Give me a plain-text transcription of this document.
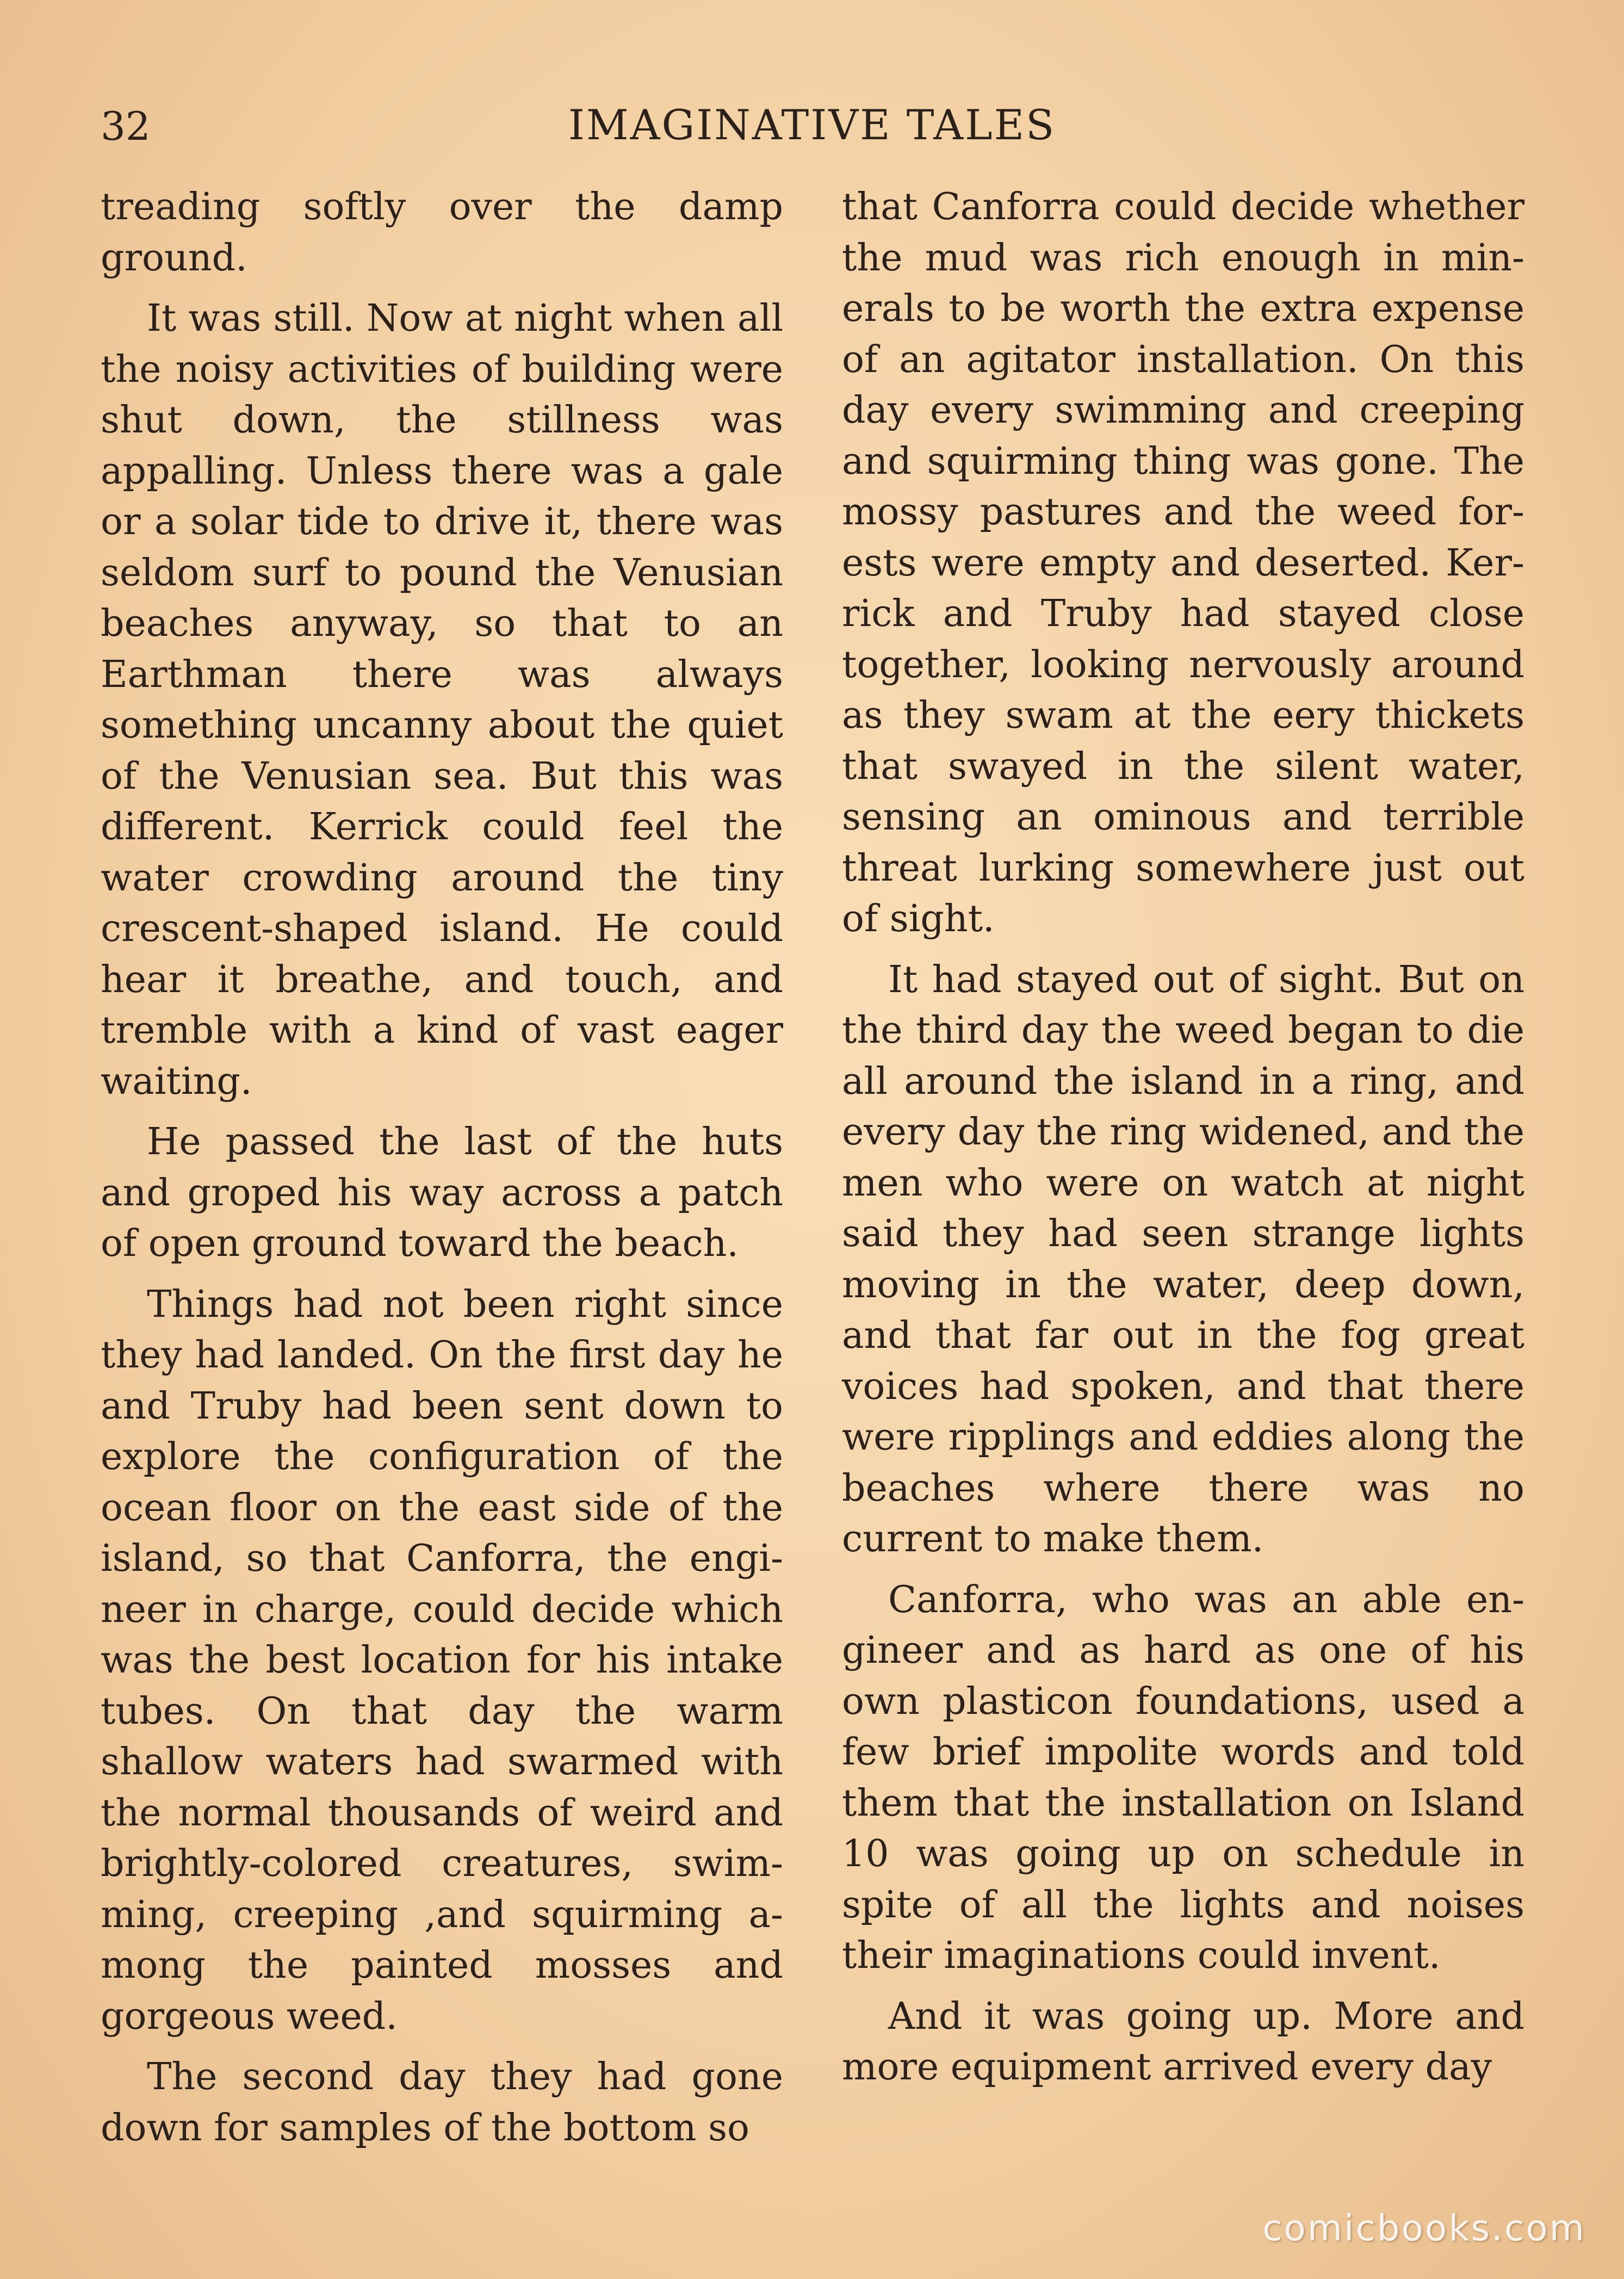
32	IMAGINATIVE TALES

treading softly over the damp ground.

It was still. Now at night when all the noisy activities of building were shut down, the stillness was appalling. Unless there was a gale or a solar tide to drive it, there was seldom surf to pound the Venusian beaches anyway, so that to an Earthman there was always something uncanny about the quiet of the Venusian sea. But this was different. Kerrick could feel the water crowding around the tiny crescent-shaped island. He could hear it breathe, and touch, and tremble with a kind of vast eager waiting.

He passed the last of the huts and groped his way across a patch of open ground toward the beach.

Things had not been right since they had landed. On the first day he and Truby had been sent down to explore the configuration of the ocean floor on the east side of the island, so that Canforra, the engineer in charge, could decide which was the best location for his intake tubes. On that day the warm shallow waters had swarmed with the normal thousands of weird and brightly-colored creatures, swimming, creeping ,and squirming among the painted mosses and gorgeous weed.

The second day they had gone down for samples of the bottom so

that Canforra could decide whether the mud was rich enough in minerals to be worth the extra expense of an agitator installation. On this day every swimming and creeping and squirming thing was gone. The mossy pastures and the weed forests were empty and deserted. Kerrick and Truby had stayed close together, looking nervously around as they swam at the eery thickets that swayed in the silent water, sensing an ominous and terrible threat lurking somewhere just out of sight.

It had stayed out of sight. But on the third day the weed began to die all around the island in a ring, and every day the ring widened, and the men who were on watch at night said they had seen strange lights moving in the water, deep down, and that far out in the fog great voices had spoken, and that there were ripplings and eddies along the beaches where there was no current to make them.

Canforra, who was an able engineer and as hard as one of his own plasticon foundations, used a few brief impolite words and told them that the installation on Island 10 was going up on schedule in spite of all the lights and noises their imaginations could invent.

And it was going up. More and more equipment arrived every day

comicbooks.com
